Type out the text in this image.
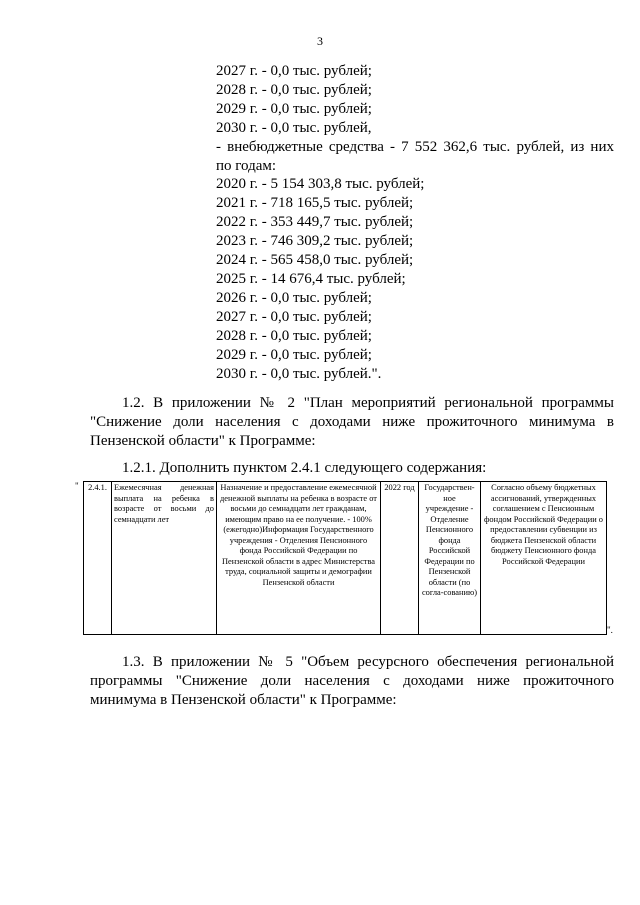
3
2027 г. - 0,0 тыс. рублей;
2028 г. - 0,0 тыс. рублей;
2029 г. - 0,0 тыс. рублей;
2030 г. - 0,0 тыс. рублей,
- внебюджетные средства - 7 552 362,6 тыс. рублей, из них
по годам:
2020 г. - 5 154 303,8 тыс. рублей;
2021 г. - 718 165,5 тыс. рублей;
2022 г. - 353 449,7 тыс. рублей;
2023 г. - 746 309,2 тыс. рублей;
2024 г. - 565 458,0 тыс. рублей;
2025 г. - 14 676,4 тыс. рублей;
2026 г. - 0,0 тыс. рублей;
2027 г. - 0,0 тыс. рублей;
2028 г. - 0,0 тыс. рублей;
2029 г. - 0,0 тыс. рублей;
2030 г. - 0,0 тыс. рублей.".
1.2. В приложении № 2 "План мероприятий региональной программы "Снижение доли населения с доходами ниже прожиточного минимума в Пензенской области" к Программе:
1.2.1. Дополнить пунктом 2.4.1 следующего содержания:
" 2.4.1.	Ежемесячная денежная выплата на ребенка в возрасте от восьми до семнадцати лет	Назначение и предоставление ежемесячной денежной выплаты на ребенка в возрасте от восьми до семнадцати лет гражданам, имеющим право на ее получение. - 100% (ежегодно)Информация Государственного учреждения - Отделения Пенсионного фонда Российской Федерации по Пензенской области в адрес Министерства труда, социальной защиты и демографии Пензенской области	2022 год	Государствен-ное учреждение - Отделение Пенсионного фонда Российской Федерации по Пензенской области (по согла-сованию)	Согласно объему бюджетных ассигнований, утвержденных соглашением с Пенсионным фондом Российской Федерации о предоставлении субвенции из бюджета Пензенской области бюджету Пенсионного фонда Российской Федерации
".
1.3. В приложении № 5 "Объем ресурсного обеспечения региональной программы "Снижение доли населения с доходами ниже прожиточного минимума в Пензенской области" к Программе:
